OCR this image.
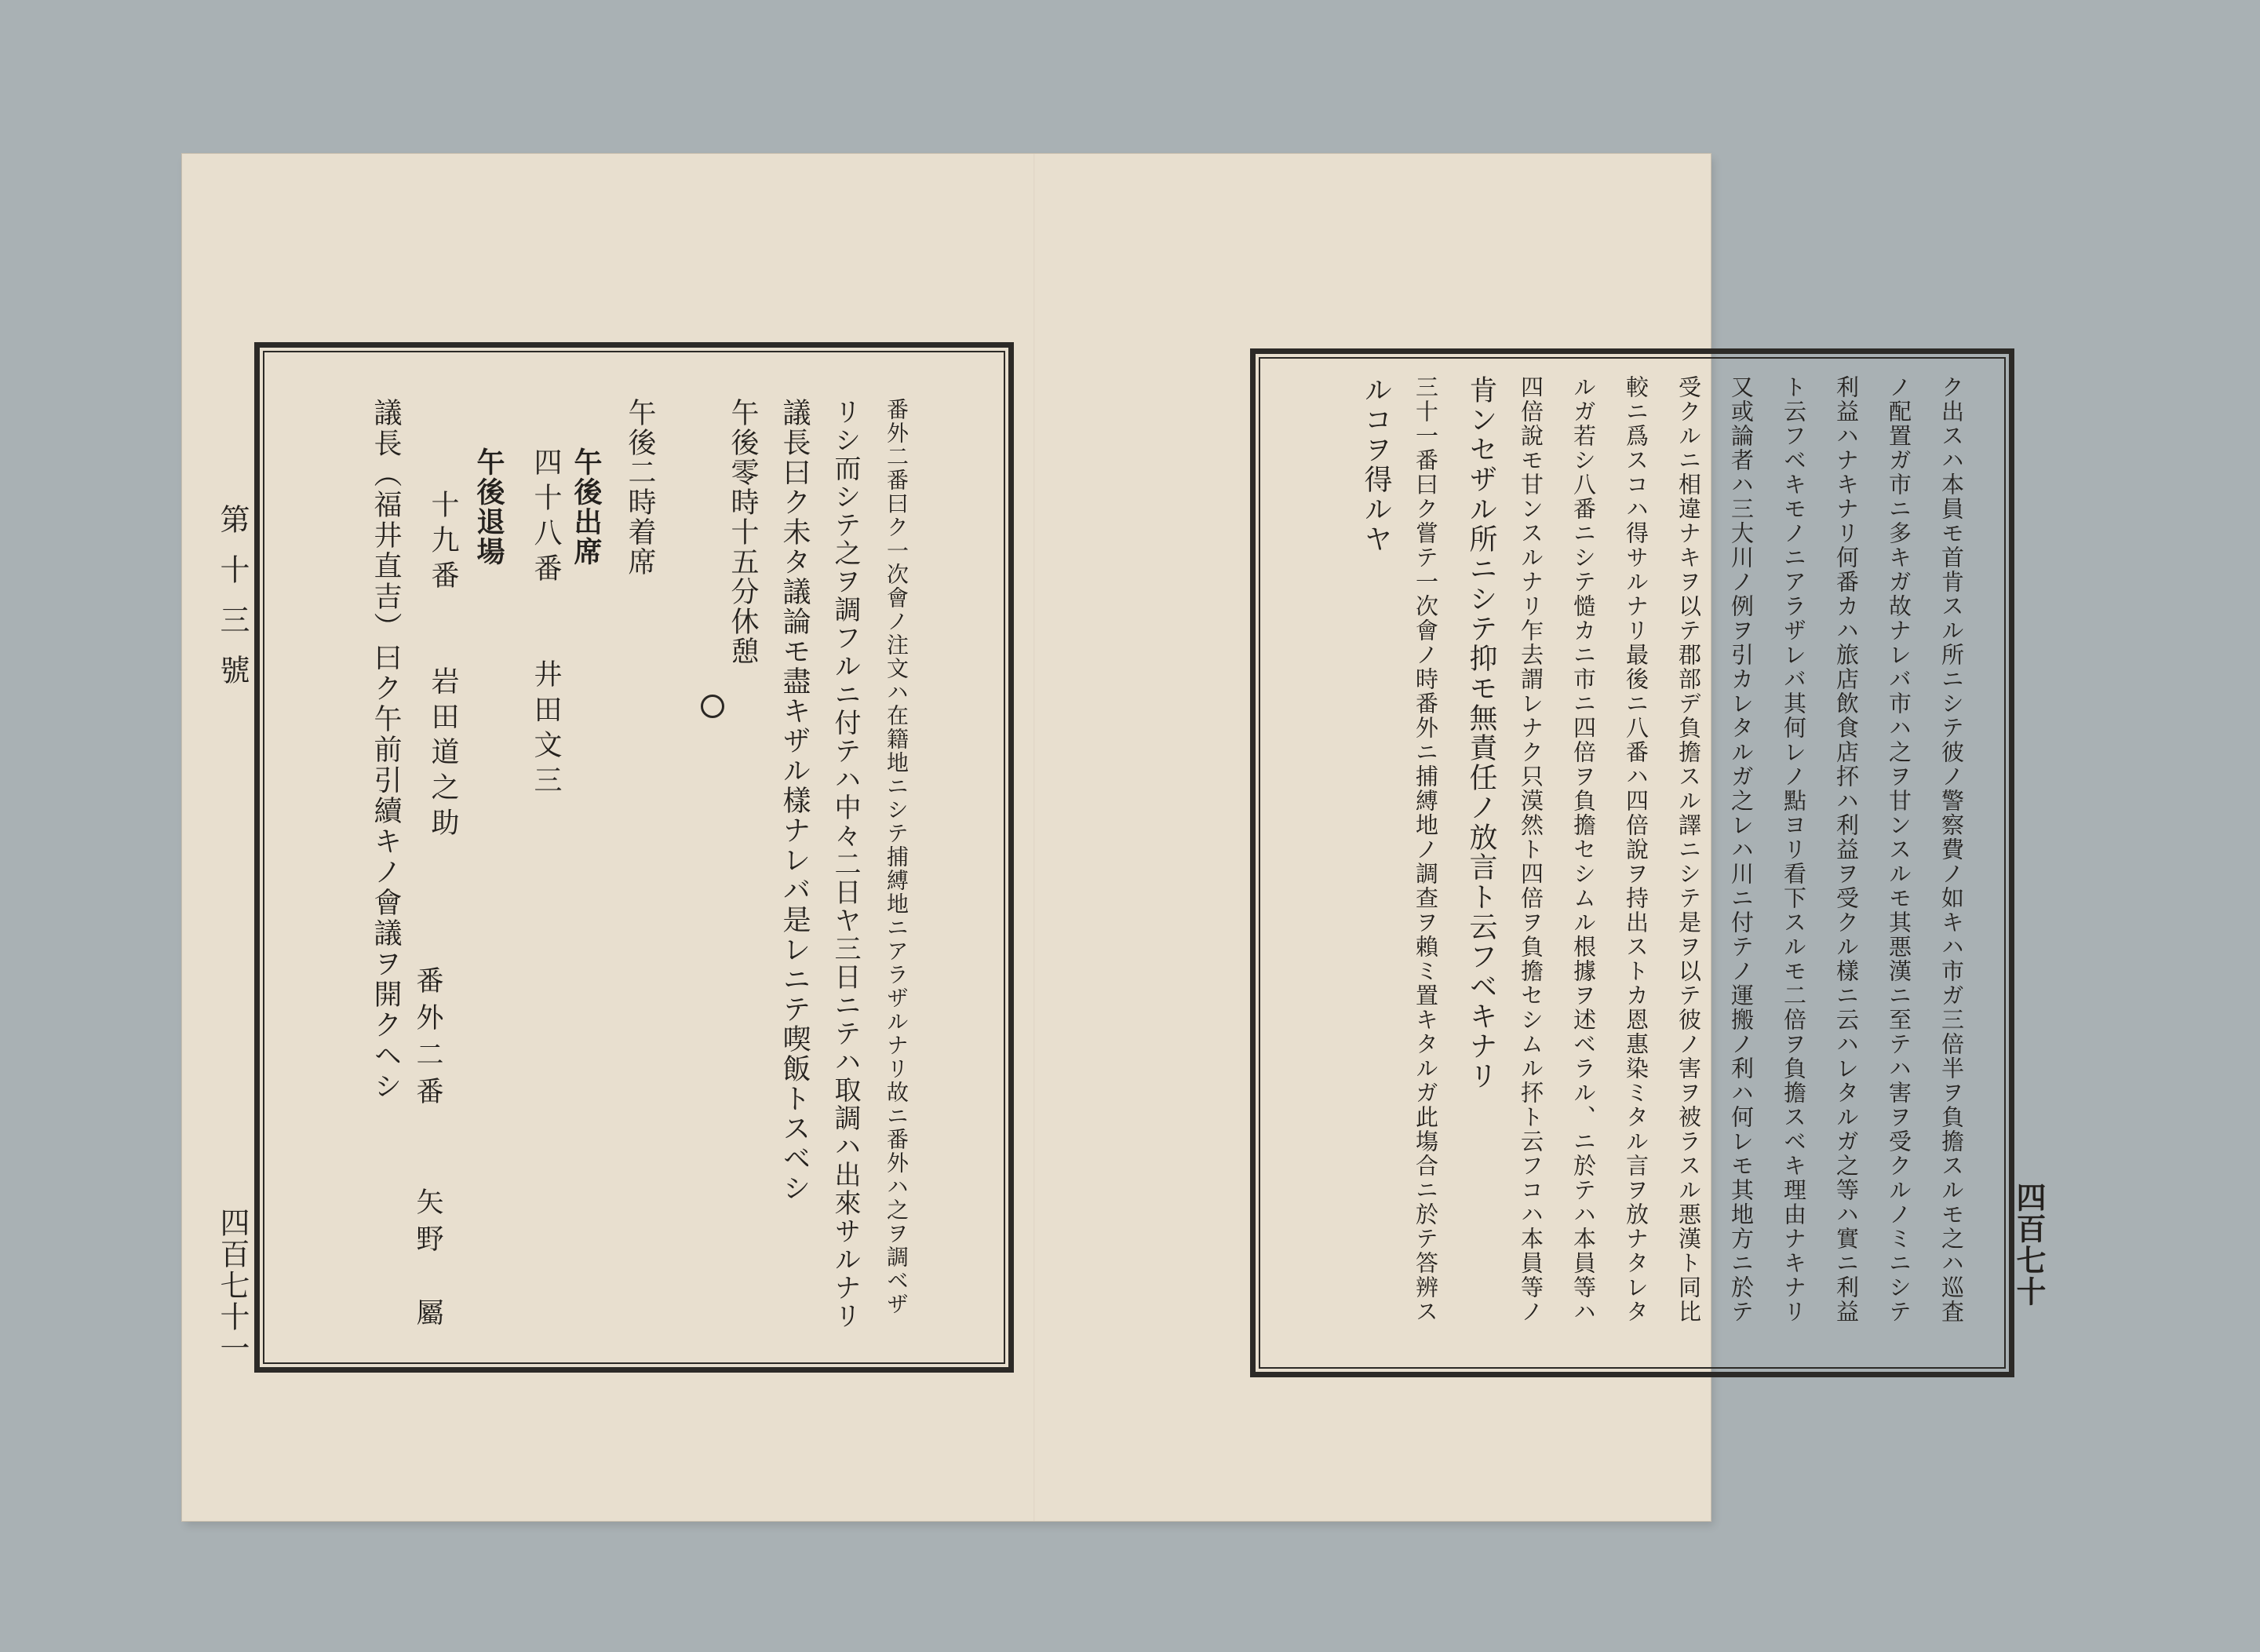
番外二番曰ク一次會ノ注文ハ在籍地ニシテ捕縛地ニアラザルナリ故ニ番外ハ之ヲ調ベザ
リシ而シテ之ヲ調フルニ付テハ中々二日ヤ三日ニテハ取調ハ出來サルナリ
議長曰ク未タ議論モ盡キザル樣ナレバ是レニテ喫飯トスベシ
午後零時十五分休憩
午後二時着席
午後出席
四十八番　　井田文三
午後退場
十九番　　岩田道之助
議長（福井直吉）曰ク午前引續キノ會議ヲ開クヘシ
番外二番　　矢野　屬
第十三號
四百七十一	ク出スハ本員モ首肯スル所ニシテ彼ノ警察費ノ如キハ市ガ三倍半ヲ負擔スルモ之ハ巡査
ノ配置ガ市ニ多キガ故ナレバ市ハ之ヲ甘ンスルモ其悪漢ニ至テハ害ヲ受クルノミニシテ
利益ハナキナリ何番カハ旅店飲食店抔ハ利益ヲ受クル樣ニ云ハレタルガ之等ハ實ニ利益
ト云フベキモノニアラザレバ其何レノ點ヨリ看下スルモ二倍ヲ負擔スベキ理由ナキナリ
又或論者ハ三大川ノ例ヲ引カレタルガ之レハ川ニ付テノ運搬ノ利ハ何レモ其地方ニ於テ
受クルニ相違ナキヲ以テ郡部デ負擔スル譯ニシテ是ヲ以テ彼ノ害ヲ被ラスル悪漢ト同比
較ニ爲スコハ得サルナリ最後ニ八番ハ四倍說ヲ持出ストカ恩惠染ミタル言ヲ放ナタレタ
ルガ若シ八番ニシテ慥カニ市ニ四倍ヲ負擔セシムル根據ヲ述ベラル、ニ於テハ本員等ハ
四倍說モ甘ンスルナリ乍去謂レナク只漠然ト四倍ヲ負擔セシムル抔ト云フコハ本員等ノ
肯ンセザル所ニシテ抑モ無責任ノ放言ト云フベキナリ
三十一番曰ク嘗テ一次會ノ時番外ニ捕縛地ノ調查ヲ賴ミ置キタルガ此塲合ニ於テ答辨ス
ルコヲ得ルヤ
四百七十
